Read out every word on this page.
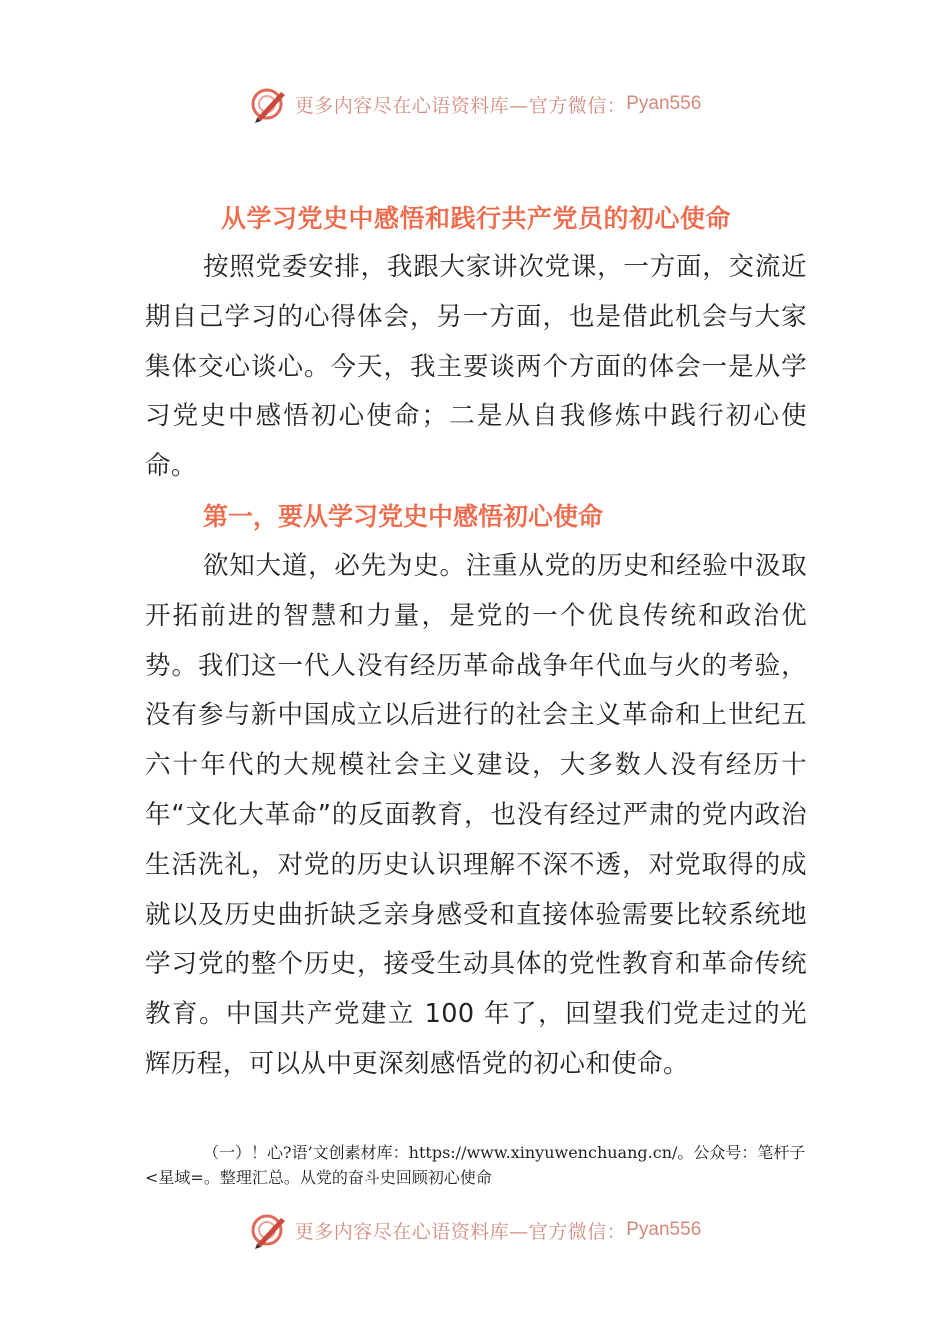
更多内容尽在心语资料库—官方微信： Pyan556
从学习党史中感悟和践行共产党员的初心使命

按照党委安排，我跟大家讲次党课，一方面，交流近期自己学习的心得体会，另一方面，也是借此机会与大家集体交心谈心。今天，我主要谈两个方面的体会一是从学习党史中感悟初心使命；二是从自我修炼中践行初心使命。

第一，要从学习党史中感悟初心使命

欲知大道，必先为史。注重从党的历史和经验中汲取开拓前进的智慧和力量，是党的一个优良传统和政治优势。我们这一代人没有经历革命战争年代血与火的考验，没有参与新中国成立以后进行的社会主义革命和上世纪五六十年代的大规模社会主义建设，大多数人没有经历十年“文化大革命”的反面教育，也没有经过严肃的党内政治生活洗礼，对党的历史认识理解不深不透，对党取得的成就以及历史曲折缺乏亲身感受和直接体验需要比较系统地学习党的整个历史，接受生动具体的党性教育和革命传统教育。中国共产党建立 100 年了，回望我们党走过的光辉历程，可以从中更深刻感悟党的初心和使命。

（一）！心?语’文创素材库：https://www.xinyuwenchuang.cn/。公众号：笔杆子<星域=。整理汇总。从党的奋斗史回顾初心使命

更多内容尽在心语资料库—官方微信： Pyan556
